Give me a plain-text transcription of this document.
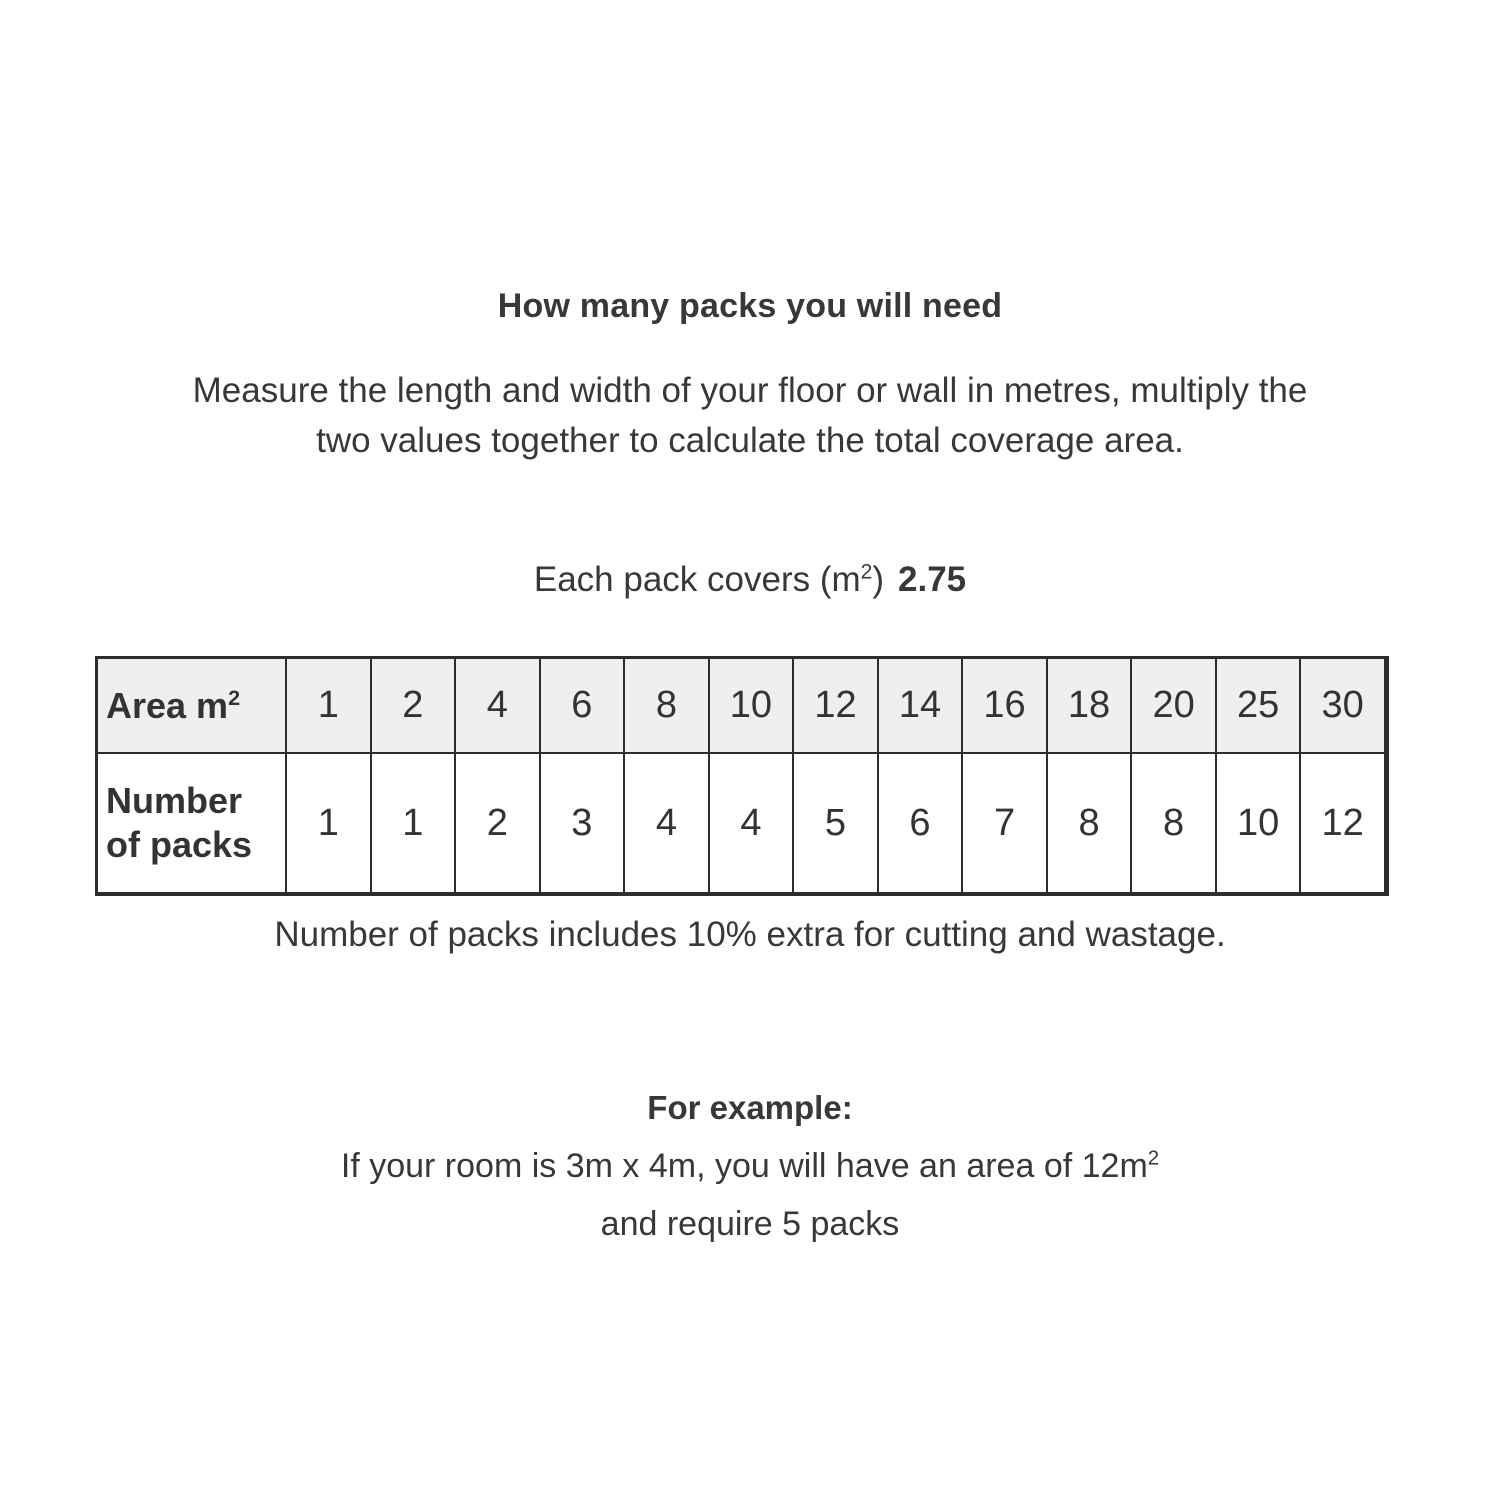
How many packs you will need
Measure the length and width of your floor or wall in metres, multiply the
two values together to calculate the total coverage area.
Each pack covers $(m^2)$ 2.75
Area $m^2$	1	2	4	6	8	10	12	14	16	18	20	25	30

Number
of packs	1	1	2	3	4	4	5	6	7	8	8	10	12
Number of packs includes 10% extra for cutting and wastage.
For example:
If your room is 3m x 4m, you will have an area of $12m^2$
and require 5 packs
